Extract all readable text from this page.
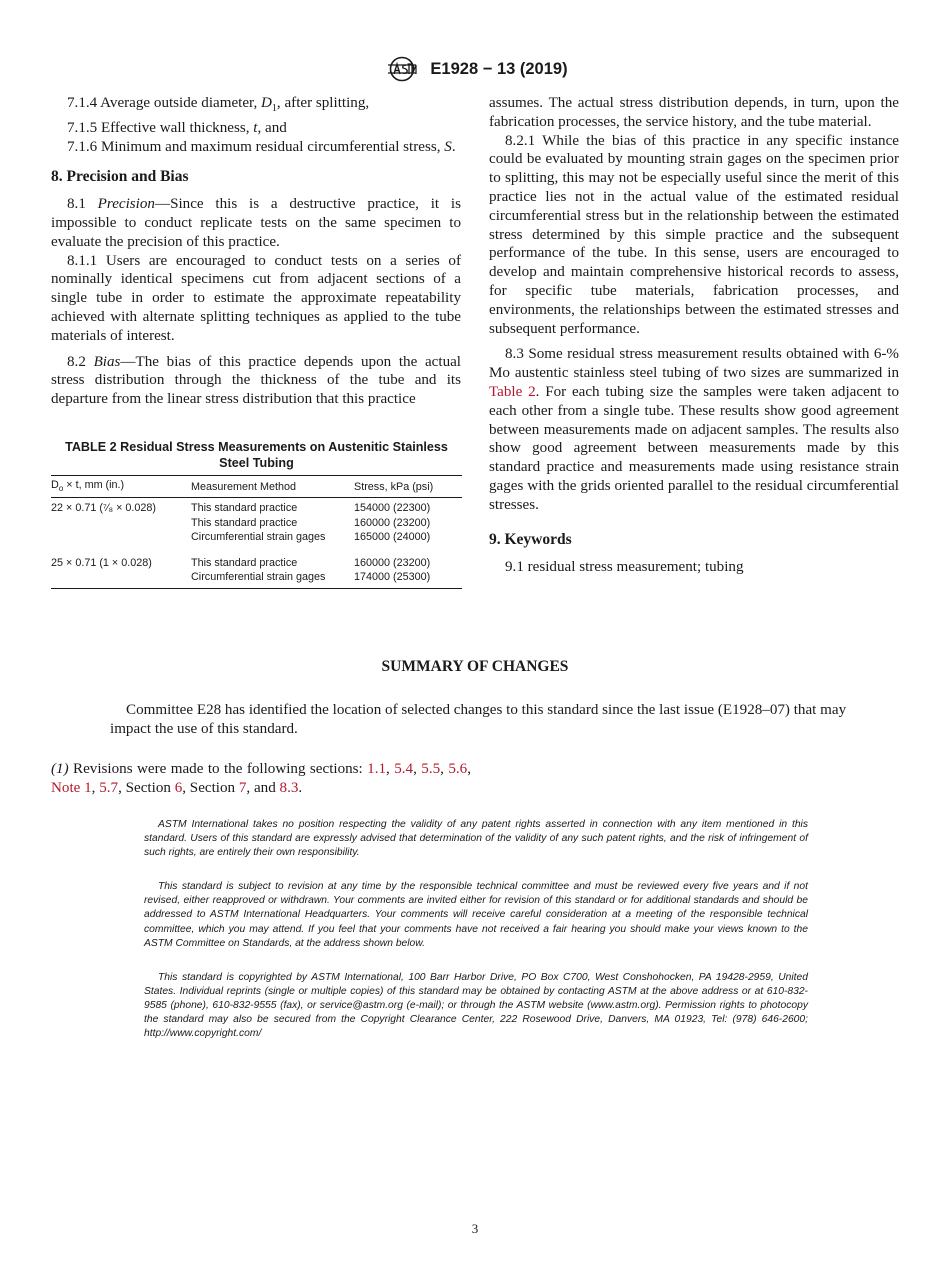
E1928 − 13 (2019)

7.1.4 Average outside diameter, $D_1$, after splitting,

7.1.5 Effective wall thickness, t, and

7.1.6 Minimum and maximum residual circumferential stress, S.

8. Precision and Bias

8.1 Precision—Since this is a destructive practice, it is impossible to conduct replicate tests on the same specimen to evaluate the precision of this practice.

8.1.1 Users are encouraged to conduct tests on a series of nominally identical specimens cut from adjacent sections of a single tube in order to estimate the approximate repeatability achieved with alternate splitting techniques as applied to the tube materials of interest.

8.2 Bias—The bias of this practice depends upon the actual stress distribution through the thickness of the tube and its departure from the linear stress distribution that this practice

TABLE 2 Residual Stress Measurements on Austenitic Stainless Steel Tubing
$D_o \times t$, mm (in.)	Measurement Method	Stress, kPa (psi)
22 × 0.71 (⁷⁄₈ × 0.028)	This standard practice	154000 (22300)
	This standard practice	160000 (23200)
	Circumferential strain gages	165000 (24000)
25 × 0.71 (1 × 0.028)	This standard practice	160000 (23200)
	Circumferential strain gages	174000 (25300)

assumes. The actual stress distribution depends, in turn, upon the fabrication processes, the service history, and the tube material.

8.2.1 While the bias of this practice in any specific instance could be evaluated by mounting strain gages on the specimen prior to splitting, this may not be especially useful since the merit of this practice lies not in the actual value of the estimated residual circumferential stress but in the relationship between the estimated stress determined by this simple practice and the subsequent performance of the tube. In this sense, users are encouraged to develop and maintain comprehensive historical records to assess, for specific tube materials, fabrication processes, and environments, the relationships between the estimated stresses and subsequent performance.

8.3 Some residual stress measurement results obtained with 6-% Mo austentic stainless steel tubing of two sizes are summarized in Table 2. For each tubing size the samples were taken adjacent to each other from a single tube. These results show good agreement between measurements made on adjacent samples. The results also show good agreement between measurements made by this standard practice and measurements made using resistance strain gages with the grids oriented parallel to the residual circumferential stresses.

9. Keywords

9.1 residual stress measurement; tubing

SUMMARY OF CHANGES
Committee E28 has identified the location of selected changes to this standard since the last issue (E1928–07) that may impact the use of this standard.
(1) Revisions were made to the following sections: 1.1, 5.4, 5.5, 5.6, Note 1, 5.7, Section 6, Section 7, and 8.3.

ASTM International takes no position respecting the validity of any patent rights asserted in connection with any item mentioned in this standard. Users of this standard are expressly advised that determination of the validity of any such patent rights, and the risk of infringement of such rights, are entirely their own responsibility.

This standard is subject to revision at any time by the responsible technical committee and must be reviewed every five years and if not revised, either reapproved or withdrawn. Your comments are invited either for revision of this standard or for additional standards and should be addressed to ASTM International Headquarters. Your comments will receive careful consideration at a meeting of the responsible technical committee, which you may attend. If you feel that your comments have not received a fair hearing you should make your views known to the ASTM Committee on Standards, at the address shown below.

This standard is copyrighted by ASTM International, 100 Barr Harbor Drive, PO Box C700, West Conshohocken, PA 19428-2959, United States. Individual reprints (single or multiple copies) of this standard may be obtained by contacting ASTM at the above address or at 610-832-9585 (phone), 610-832-9555 (fax), or service@astm.org (e-mail); or through the ASTM website (www.astm.org). Permission rights to photocopy the standard may also be secured from the Copyright Clearance Center, 222 Rosewood Drive, Danvers, MA 01923, Tel: (978) 646-2600; http://www.copyright.com/

3
